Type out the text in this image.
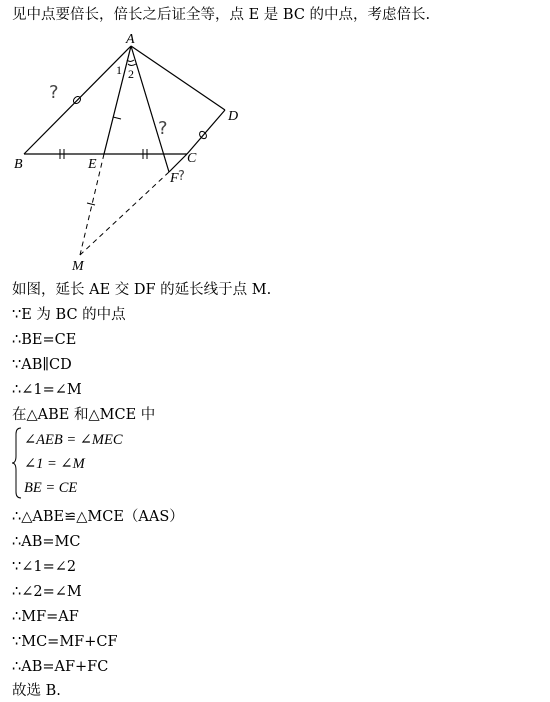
见中点要倍长，倍长之后证全等，点 E 是 BC 的中点，考虑倍长.
A
B	C
D
E
F
M
1 2
?
?
?
如图，延长 AE 交 DF 的延长线于点 M.
∵E 为 BC 的中点
∴BE=CE
∵AB∥CD
∴∠1=∠M
在△ABE 和△MCE 中
∠AEB = ∠MEC
∠1 = ∠M
BE = CE
∴△ABE≌△MCE（AAS）
∴AB=MC
∵∠1=∠2
∴∠2=∠M
∴MF=AF
∵MC=MF+CF
∴AB=AF+FC
故选 B.
